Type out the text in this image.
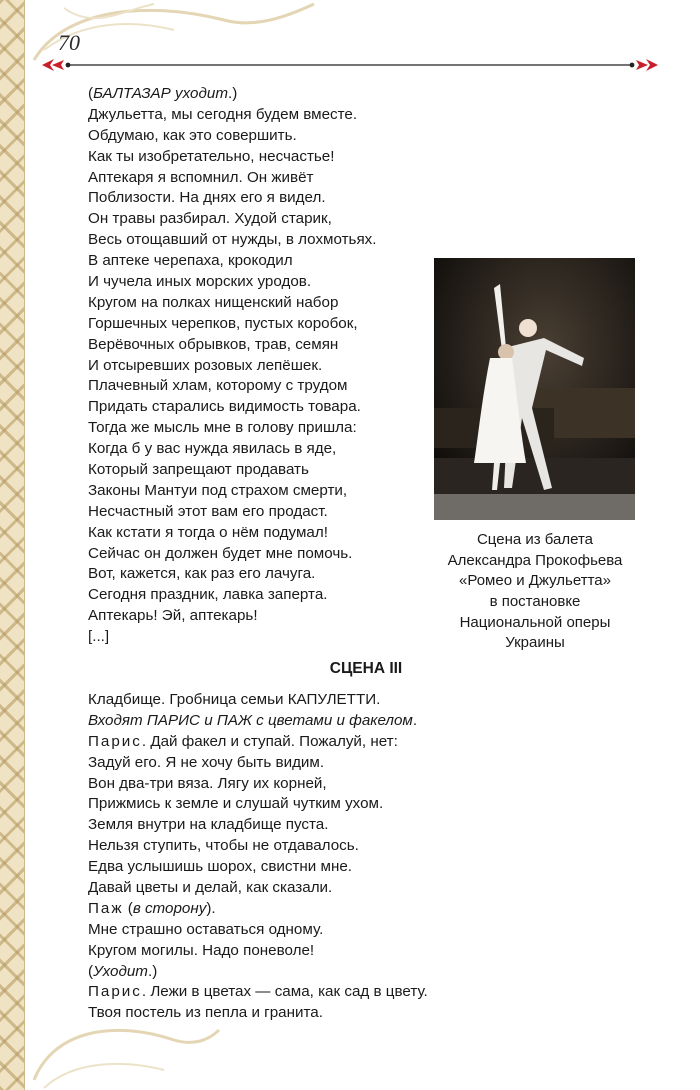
70
(БАЛТАЗАР уходит.)
Джульетта, мы сегодня будем вместе.
Обдумаю, как это совершить.
Как ты изобретательно, несчастье!
Аптекаря я вспомнил. Он живёт
Поблизости. На днях его я видел.
Он травы разбирал. Худой старик,
Весь отощавший от нужды, в лохмотьях.
В аптеке черепаха, крокодил
И чучела иных морских уродов.
Кругом на полках нищенский набор
Горшечных черепков, пустых коробок,
Верёвочных обрывков, трав, семян
И отсыревших розовых лепёшек.
Плачевный хлам, которому с трудом
Придать старались видимость товара.
Тогда же мысль мне в голову пришла:
Когда б у вас нужда явилась в яде,
Который запрещают продавать
Законы Мантуи под страхом смерти,
Несчастный этот вам его продаст.
Как кстати я тогда о нём подумал!
Сейчас он должен будет мне помочь.
Вот, кажется, как раз его лачуга.
Сегодня праздник, лавка заперта.
Аптекарь! Эй, аптекарь!
[...]
Сцена из балета
Александра Прокофьева
«Ромео и Джульетта»
в постановке
Национальной оперы
Украины
СЦЕНА III
Кладбище. Гробница семьи КАПУЛЕТТИ.
Входят ПАРИС и ПАЖ с цветами и факелом.
Парис. Дай факел и ступай. Пожалуй, нет:
Задуй его. Я не хочу быть видим.
Вон два-три вяза. Лягу их корней,
Прижмись к земле и слушай чутким ухом.
Земля внутри на кладбище пуста.
Нельзя ступить, чтобы не отдавалось.
Едва услышишь шорох, свистни мне.
Давай цветы и делай, как сказали.
Паж (в сторону).
Мне страшно оставаться одному.
Кругом могилы. Надо поневоле!
(Уходит.)
Парис. Лежи в цветах — сама, как сад в цвету.
Твоя постель из пепла и гранита.
